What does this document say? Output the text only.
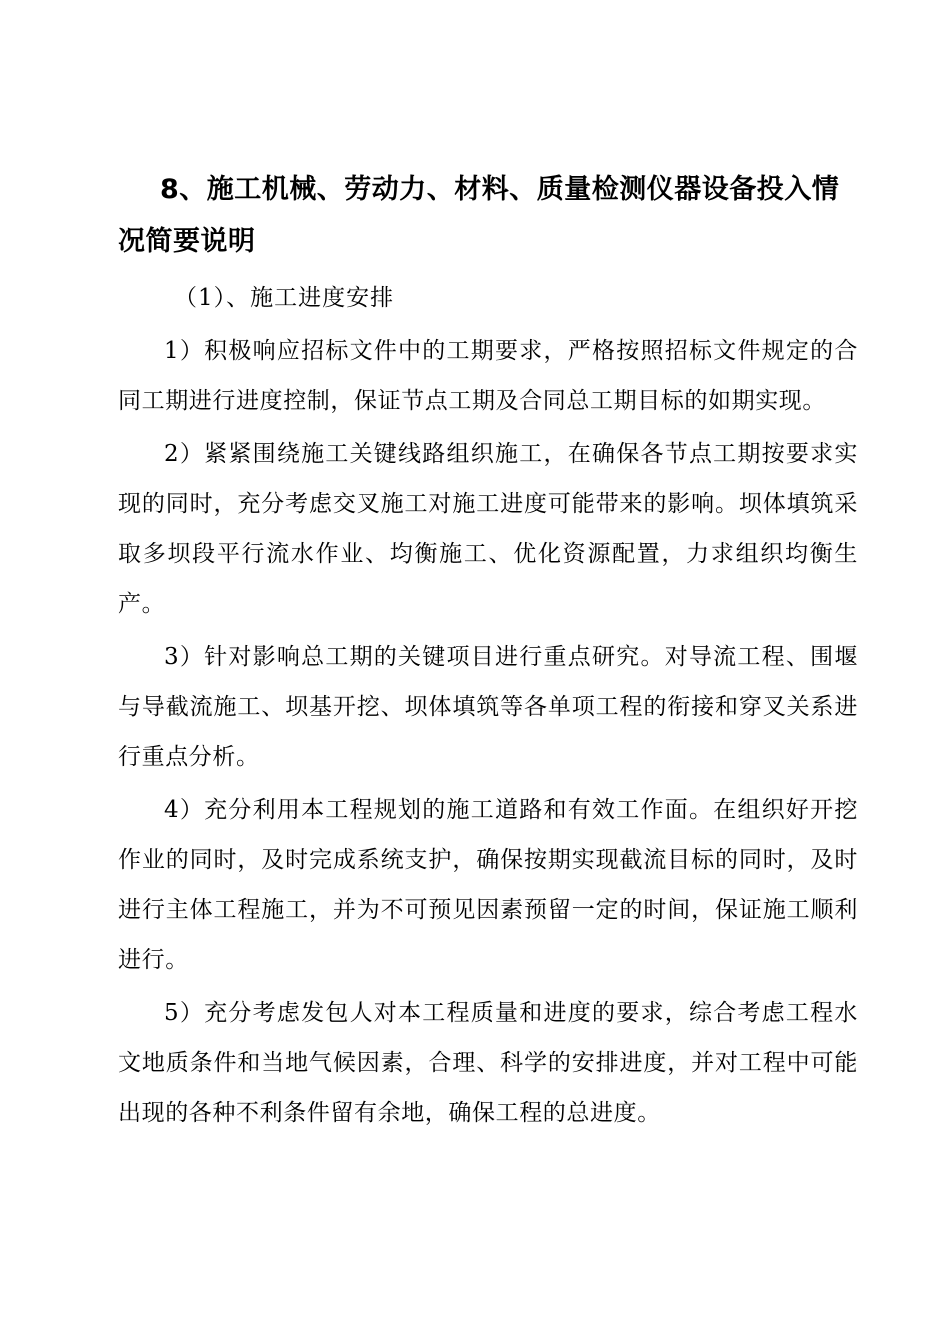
8、施工机械、劳动力、材料、质量检测仪器设备投入情况简要说明
（1）、施工进度安排

1）积极响应招标文件中的工期要求，严格按照招标文件规定的合同工期进行进度控制，保证节点工期及合同总工期目标的如期实现。

2）紧紧围绕施工关键线路组织施工，在确保各节点工期按要求实现的同时，充分考虑交叉施工对施工进度可能带来的影响。坝体填筑采取多坝段平行流水作业、均衡施工、优化资源配置，力求组织均衡生产。

3）针对影响总工期的关键项目进行重点研究。对导流工程、围堰与导截流施工、坝基开挖、坝体填筑等各单项工程的衔接和穿叉关系进行重点分析。

4）充分利用本工程规划的施工道路和有效工作面。在组织好开挖作业的同时，及时完成系统支护，确保按期实现截流目标的同时，及时进行主体工程施工，并为不可预见因素预留一定的时间，保证施工顺利进行。

5）充分考虑发包人对本工程质量和进度的要求，综合考虑工程水文地质条件和当地气候因素，合理、科学的安排进度，并对工程中可能出现的各种不利条件留有余地，确保工程的总进度。
